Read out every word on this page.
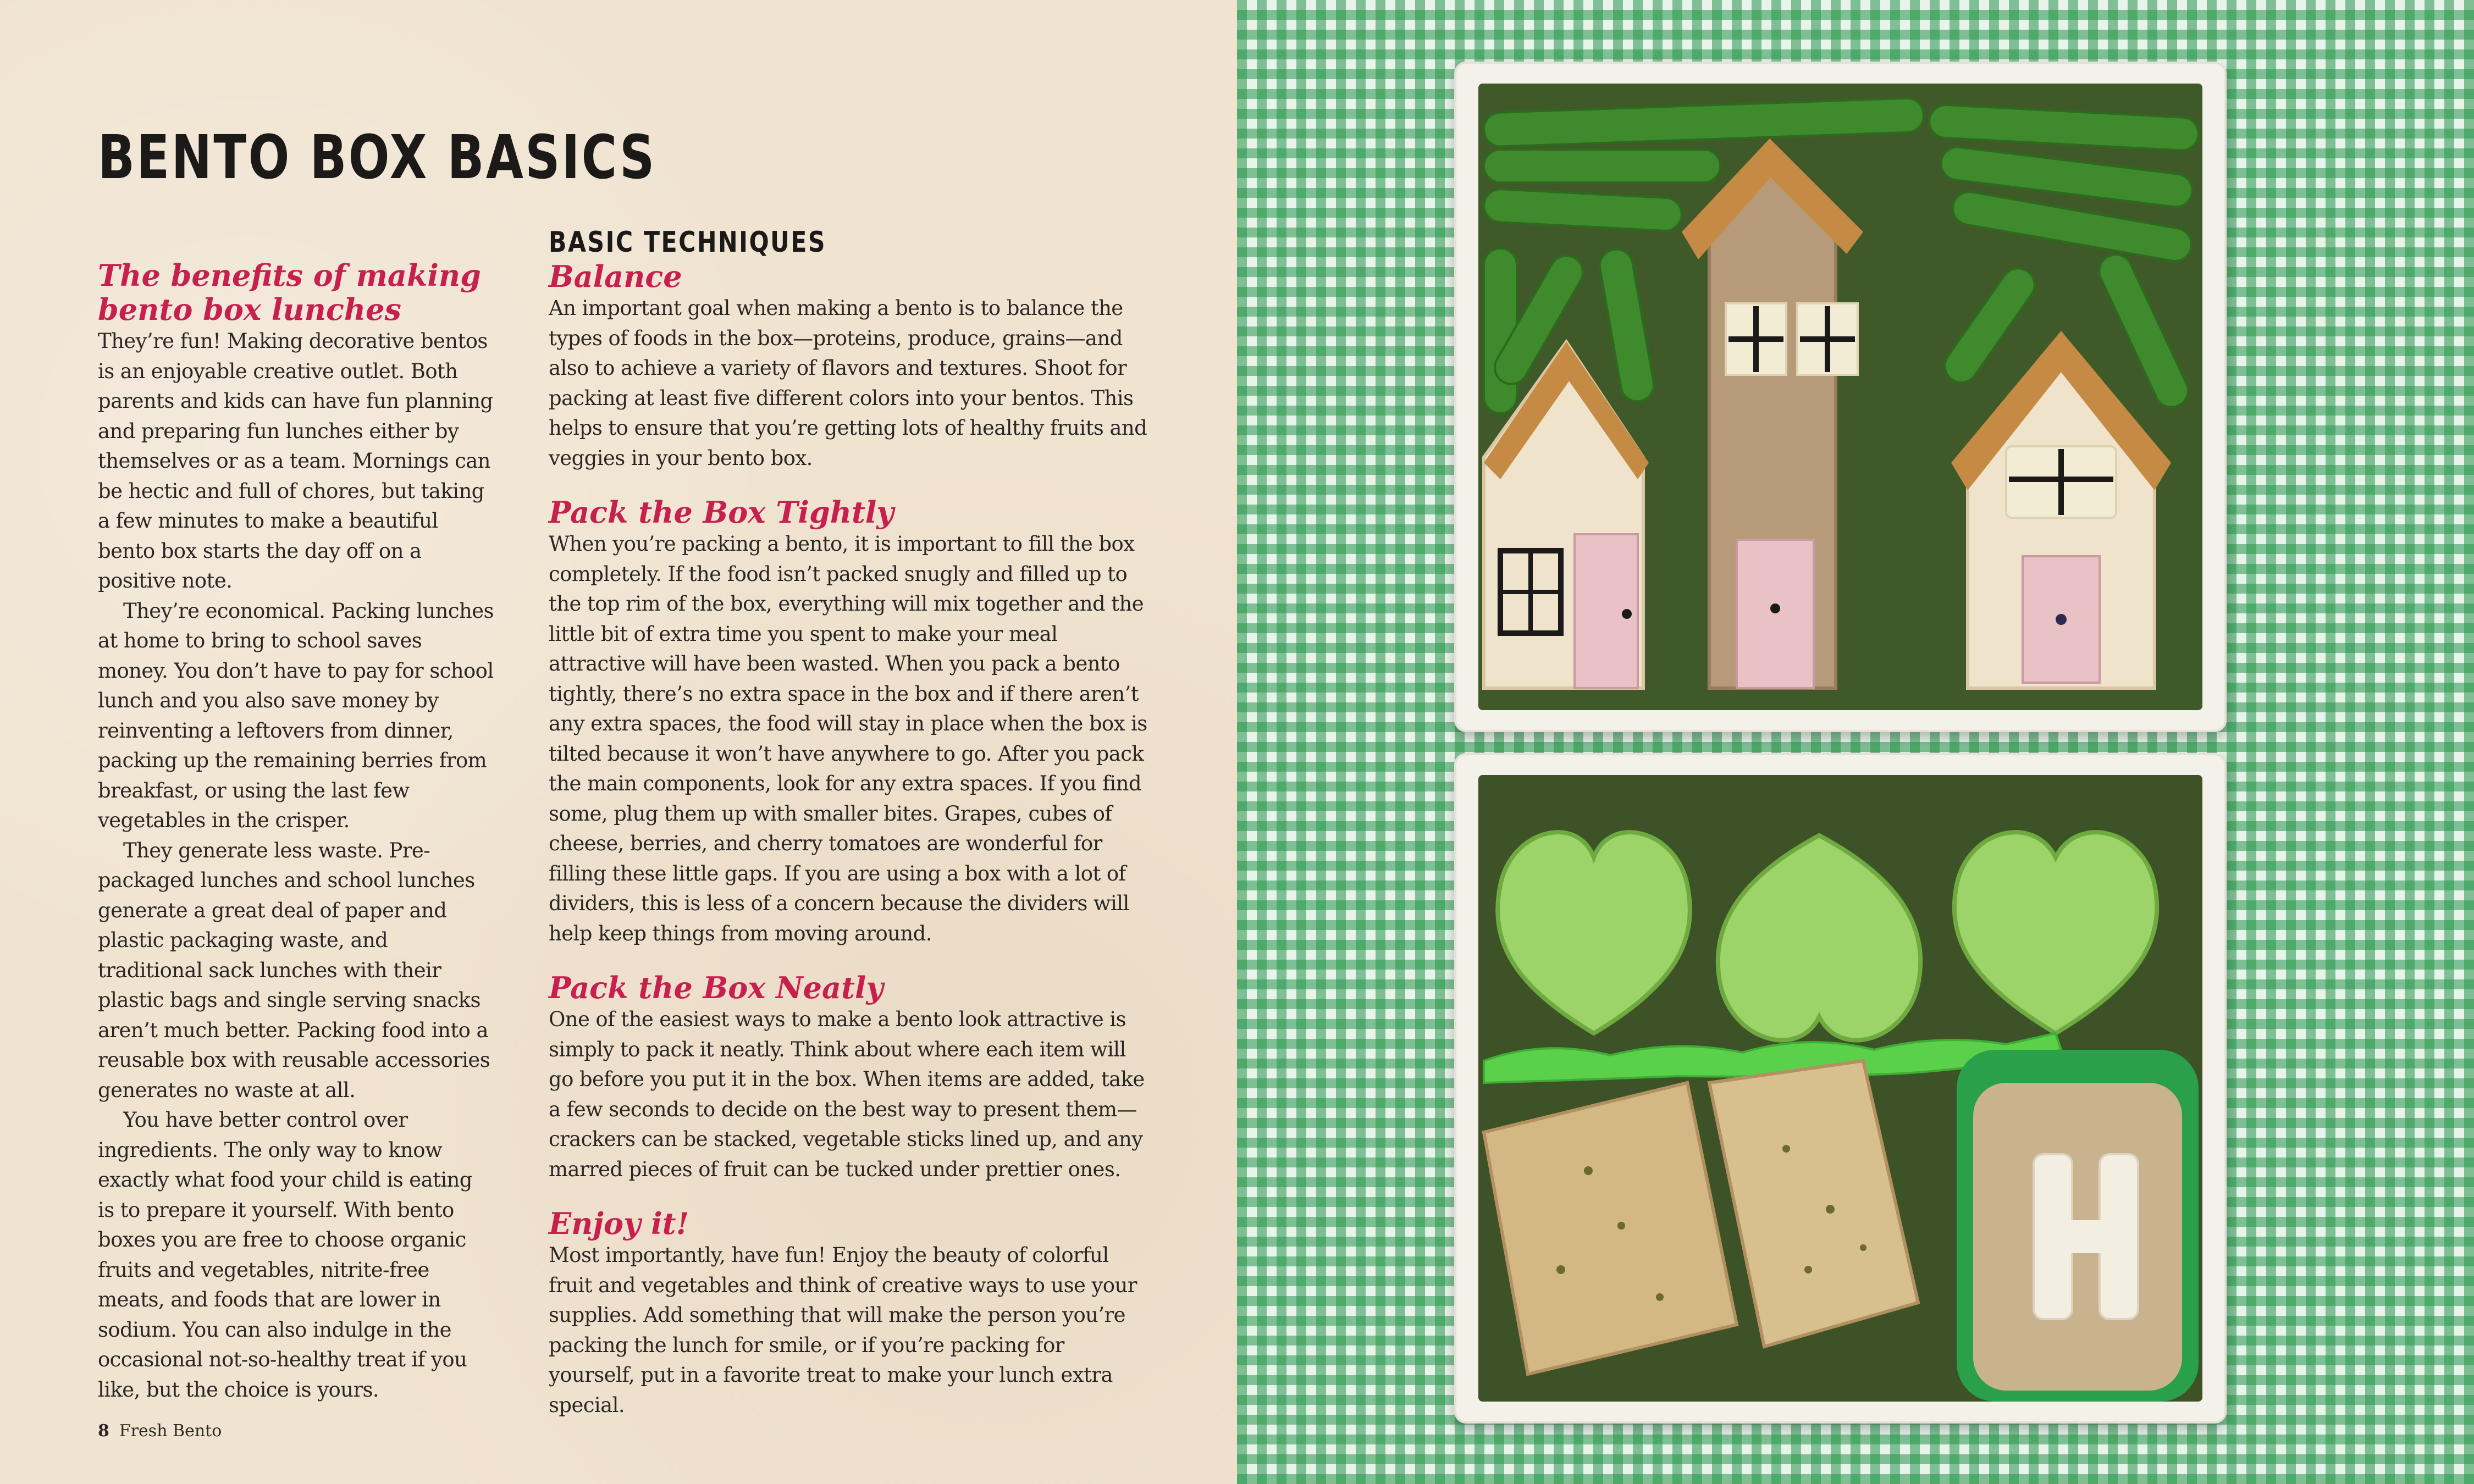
BENTO BOX BASICS
The benefits of making bento box lunches

They’re fun! Making decorative bentos is an enjoyable creative outlet. Both parents and kids can have fun planning and preparing fun lunches either by themselves or as a team. Mornings can be hectic and full of chores, but taking a few minutes to make a beautiful bento box starts the day off on a positive note.

They’re economical. Packing lunches at home to bring to school saves money. You don’t have to pay for school lunch and you also save money by reinventing a leftovers from dinner, packing up the remaining berries from breakfast, or using the last few vegetables in the crisper.

They generate less waste. Pre-packaged lunches and school lunches generate a great deal of paper and plastic packaging waste, and traditional sack lunches with their plastic bags and single serving snacks aren’t much better. Packing food into a reusable box with reusable accessories generates no waste at all.

You have better control over ingredients. The only way to know exactly what food your child is eating is to prepare it yourself. With bento boxes you are free to choose organic fruits and vegetables, nitrite-free meats, and foods that are lower in sodium. You can also indulge in the occasional not-so-healthy treat if you like, but the choice is yours.

BASIC TECHNIQUES
Balance

An important goal when making a bento is to balance the types of foods in the box—proteins, produce, grains—and also to achieve a variety of flavors and textures. Shoot for packing at least five different colors into your bentos. This helps to ensure that you’re getting lots of healthy fruits and veggies in your bento box.

Pack the Box Tightly

When you’re packing a bento, it is important to fill the box completely. If the food isn’t packed snugly and filled up to the top rim of the box, everything will mix together and the little bit of extra time you spent to make your meal attractive will have been wasted. When you pack a bento tightly, there’s no extra space in the box and if there aren’t any extra spaces, the food will stay in place when the box is tilted because it won’t have anywhere to go. After you pack the main components, look for any extra spaces. If you find some, plug them up with smaller bites. Grapes, cubes of cheese, berries, and cherry tomatoes are wonderful for filling these little gaps. If you are using a box with a lot of dividers, this is less of a concern because the dividers will help keep things from moving around.

Pack the Box Neatly

One of the easiest ways to make a bento look attractive is simply to pack it neatly. Think about where each item will go before you put it in the box. When items are added, take a few seconds to decide on the best way to present them— crackers can be stacked, vegetable sticks lined up, and any marred pieces of fruit can be tucked under prettier ones.

Enjoy it!

Most importantly, have fun! Enjoy the beauty of colorful fruit and vegetables and think of creative ways to use your supplies. Add something that will make the person you’re packing the lunch for smile, or if you’re packing for yourself, put in a favorite treat to make your lunch extra special.

8 Fresh Bento
